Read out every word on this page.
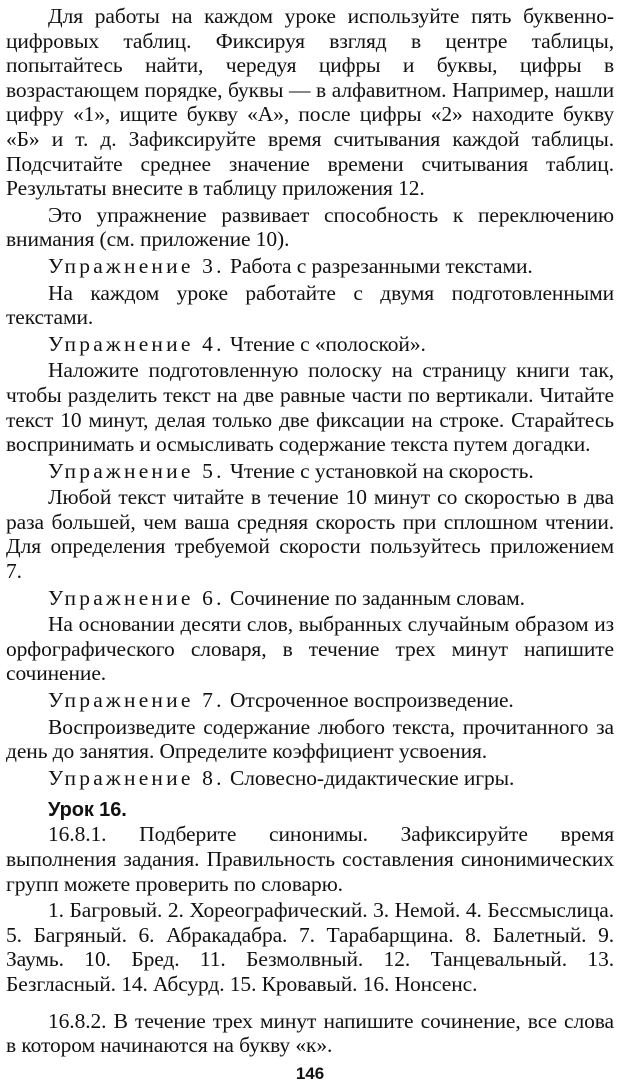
Для работы на каждом уроке используйте пять буквенно-цифровых таблиц. Фиксируя взгляд в центре таблицы, попытайтесь найти, чередуя цифры и буквы, цифры в возрастающем порядке, буквы — в алфавитном. Например, нашли цифру «1», ищите букву «А», после цифры «2» находите букву «Б» и т. д. Зафиксируйте время считывания каждой таблицы. Подсчитайте среднее значение времени считывания таблиц. Результаты внесите в таблицу приложения 12.

Это упражнение развивает способность к переключению внимания (см. приложение 10).

Упражнение 3. Работа с разрезанными текстами.

На каждом уроке работайте с двумя подготовленными текстами.

Упражнение 4. Чтение с «полоской».

Наложите подготовленную полоску на страницу книги так, чтобы разделить текст на две равные части по вертикали. Читайте текст 10 минут, делая только две фиксации на строке. Старайтесь воспринимать и осмысливать содержание текста путем догадки.

Упражнение 5. Чтение с установкой на скорость.

Любой текст читайте в течение 10 минут со скоростью в два раза большей, чем ваша средняя скорость при сплошном чтении. Для определения требуемой скорости пользуйтесь приложением 7.

Упражнение 6. Сочинение по заданным словам.

На основании десяти слов, выбранных случайным образом из орфографического словаря, в течение трех минут напишите сочинение.

Упражнение 7. Отсроченное воспроизведение.

Воспроизведите содержание любого текста, прочитанного за день до занятия. Определите коэффициент усвоения.

Упражнение 8. Словесно-дидактические игры.

Урок 16.

16.8.1. Подберите синонимы. Зафиксируйте время выполнения задания. Правильность составления синонимических групп можете проверить по словарю.

1. Багровый. 2. Хореографический. 3. Немой. 4. Бессмыслица. 5. Багряный. 6. Абракадабра. 7. Тарабарщина. 8. Балетный. 9. Заумь. 10. Бред. 11. Безмолвный. 12. Танцевальный. 13. Безгласный. 14. Абсурд. 15. Кровавый. 16. Нонсенс.

16.8.2. В течение трех минут напишите сочинение, все слова в котором начинаются на букву «к».

146
